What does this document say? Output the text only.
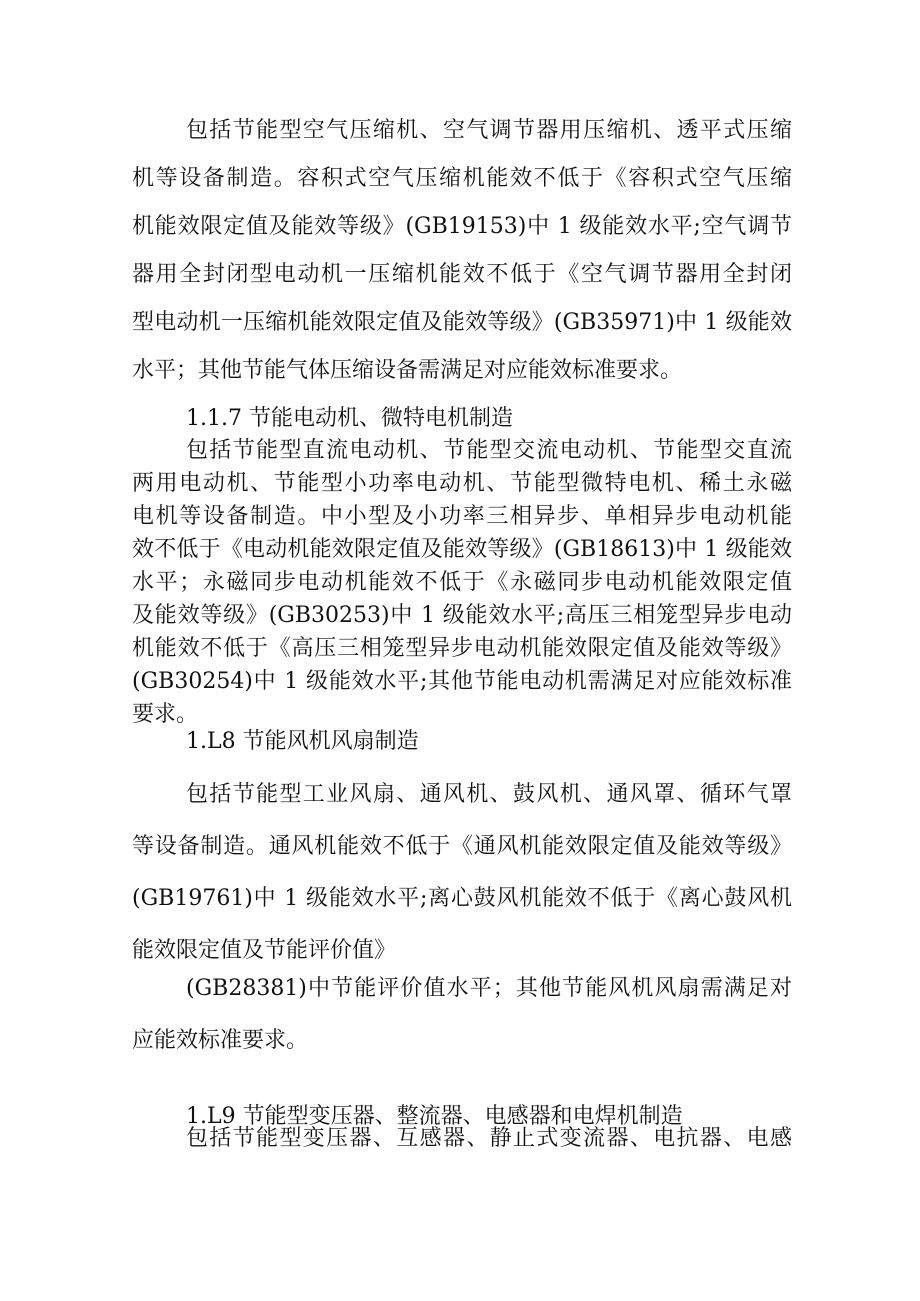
包括节能型空气压缩机、空气调节器用压缩机、透平式压缩

机等设备制造。容积式空气压缩机能效不低于《容积式空气压缩

机能效限定值及能效等级》(GB19153)中 1 级能效水平;空气调节

器用全封闭型电动机一压缩机能效不低于《空气调节器用全封闭

型电动机一压缩机能效限定值及能效等级》(GB35971)中 1 级能效

水平；其他节能气体压缩设备需满足对应能效标准要求。

1.1.7 节能电动机、微特电机制造

包括节能型直流电动机、节能型交流电动机、节能型交直流

两用电动机、节能型小功率电动机、节能型微特电机、稀土永磁

电机等设备制造。中小型及小功率三相异步、单相异步电动机能

效不低于《电动机能效限定值及能效等级》(GB18613)中 1 级能效

水平；永磁同步电动机能效不低于《永磁同步电动机能效限定值

及能效等级》(GB30253)中 1 级能效水平;高压三相笼型异步电动

机能效不低于《高压三相笼型异步电动机能效限定值及能效等级》

(GB30254)中 1 级能效水平;其他节能电动机需满足对应能效标准

要求。

1.L8 节能风机风扇制造

包括节能型工业风扇、通风机、鼓风机、通风罩、循环气罩

等设备制造。通风机能效不低于《通风机能效限定值及能效等级》

(GB19761)中 1 级能效水平;离心鼓风机能效不低于《离心鼓风机

能效限定值及节能评价值》

(GB28381)中节能评价值水平；其他节能风机风扇需满足对

应能效标准要求。

1.L9 节能型变压器、整流器、电感器和电焊机制造

包括节能型变压器、互感器、静止式变流器、电抗器、电感
